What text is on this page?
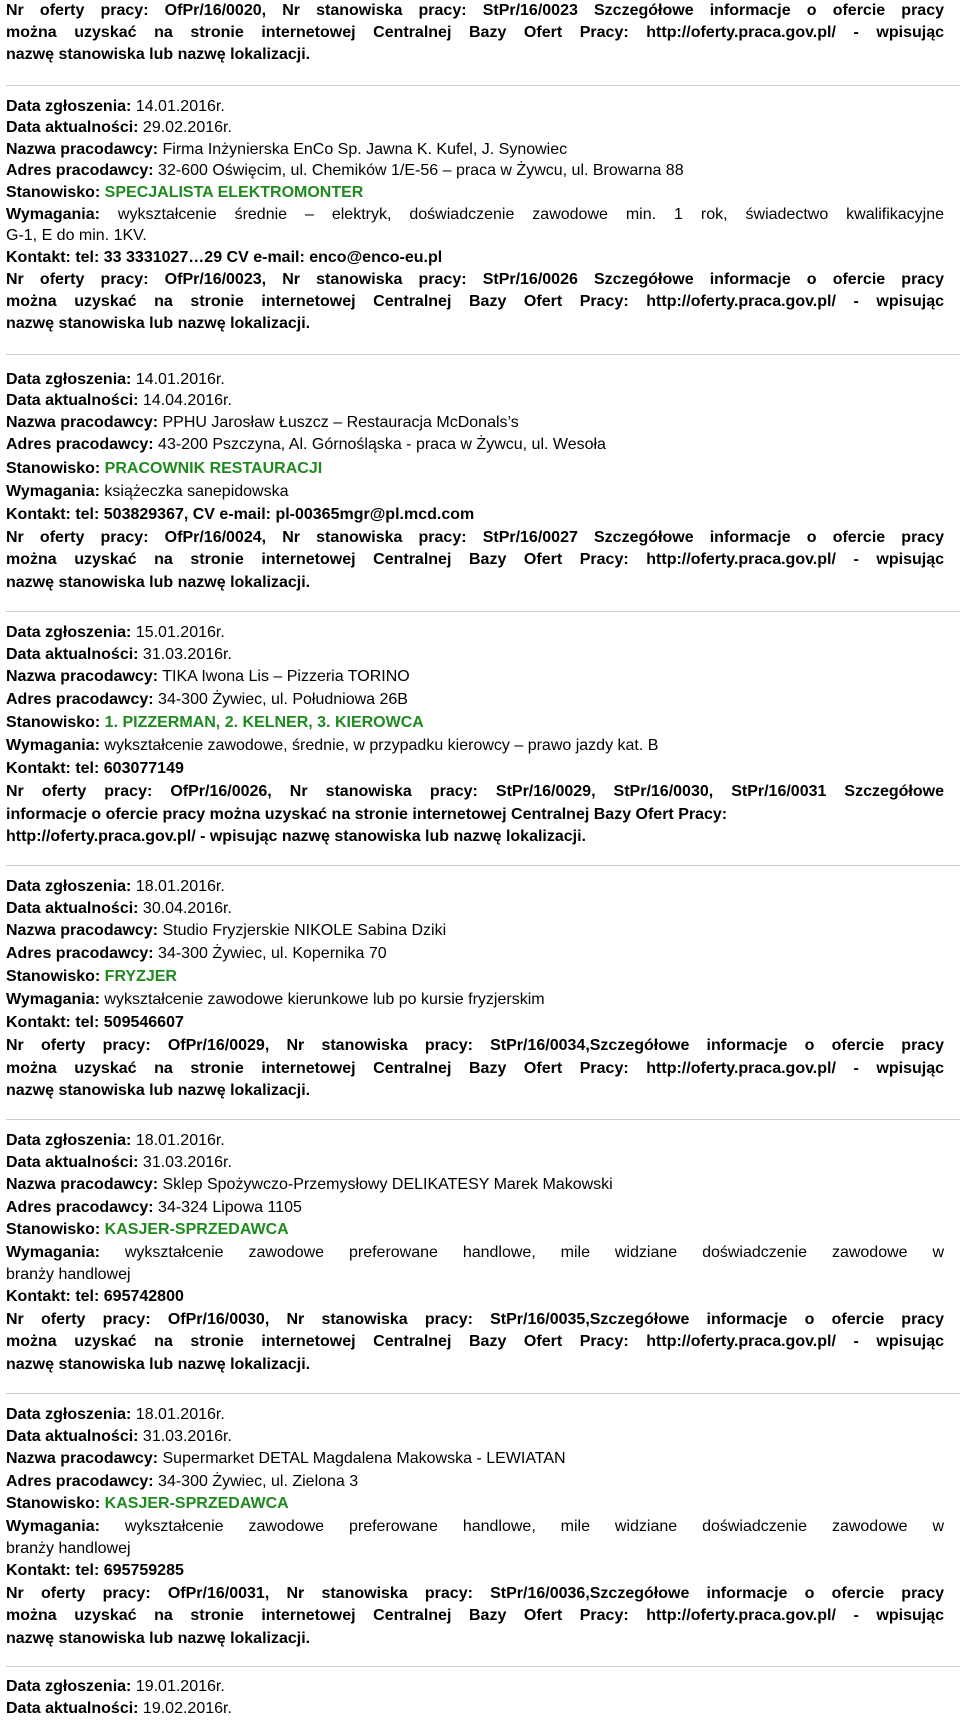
Nr oferty pracy: OfPr/16/0020, Nr stanowiska pracy: StPr/16/0023 Szczegółowe informacje o ofercie pracy
można uzyskać na stronie internetowej Centralnej Bazy Ofert Pracy: http://oferty.praca.gov.pl/ - wpisując
nazwę stanowiska lub nazwę lokalizacji.
Data zgłoszenia: 14.01.2016r.
Data aktualności: 29.02.2016r.
Nazwa pracodawcy: Firma Inżynierska EnCo Sp. Jawna K. Kufel, J. Synowiec
Adres pracodawcy: 32-600 Oświęcim, ul. Chemików 1/E-56 – praca w Żywcu, ul. Browarna 88
Stanowisko: SPECJALISTA ELEKTROMONTER
Wymagania: wykształcenie średnie – elektryk, doświadczenie zawodowe min. 1 rok, świadectwo kwalifikacyjne
G-1, E do min. 1KV.
Kontakt: tel: 33 3331027…29 CV e-mail: enco@enco-eu.pl
Nr oferty pracy: OfPr/16/0023, Nr stanowiska pracy: StPr/16/0026 Szczegółowe informacje o ofercie pracy
można uzyskać na stronie internetowej Centralnej Bazy Ofert Pracy: http://oferty.praca.gov.pl/ - wpisując
nazwę stanowiska lub nazwę lokalizacji.
Data zgłoszenia: 14.01.2016r.
Data aktualności: 14.04.2016r.
Nazwa pracodawcy: PPHU Jarosław Łuszcz – Restauracja McDonals’s
Adres pracodawcy: 43-200 Pszczyna, Al. Górnośląska - praca w Żywcu, ul. Wesoła
Stanowisko: PRACOWNIK RESTAURACJI
Wymagania: książeczka sanepidowska
Kontakt: tel: 503829367, CV e-mail: pl-00365mgr@pl.mcd.com
Nr oferty pracy: OfPr/16/0024, Nr stanowiska pracy: StPr/16/0027 Szczegółowe informacje o ofercie pracy
można uzyskać na stronie internetowej Centralnej Bazy Ofert Pracy: http://oferty.praca.gov.pl/ - wpisując
nazwę stanowiska lub nazwę lokalizacji.
Data zgłoszenia: 15.01.2016r.
Data aktualności: 31.03.2016r.
Nazwa pracodawcy: TIKA Iwona Lis – Pizzeria TORINO
Adres pracodawcy: 34-300 Żywiec, ul. Południowa 26B
Stanowisko: 1. PIZZERMAN, 2. KELNER, 3. KIEROWCA
Wymagania: wykształcenie zawodowe, średnie, w przypadku kierowcy – prawo jazdy kat. B
Kontakt: tel: 603077149
Nr oferty pracy: OfPr/16/0026, Nr stanowiska pracy: StPr/16/0029, StPr/16/0030, StPr/16/0031 Szczegółowe
informacje o ofercie pracy można uzyskać na stronie internetowej Centralnej Bazy Ofert Pracy:
http://oferty.praca.gov.pl/ - wpisując nazwę stanowiska lub nazwę lokalizacji.
Data zgłoszenia: 18.01.2016r.
Data aktualności: 30.04.2016r.
Nazwa pracodawcy: Studio Fryzjerskie NIKOLE Sabina Dziki
Adres pracodawcy: 34-300 Żywiec, ul. Kopernika 70
Stanowisko: FRYZJER
Wymagania: wykształcenie zawodowe kierunkowe lub po kursie fryzjerskim
Kontakt: tel: 509546607
Nr oferty pracy: OfPr/16/0029, Nr stanowiska pracy: StPr/16/0034,Szczegółowe informacje o ofercie pracy
można uzyskać na stronie internetowej Centralnej Bazy Ofert Pracy: http://oferty.praca.gov.pl/ - wpisując
nazwę stanowiska lub nazwę lokalizacji.
Data zgłoszenia: 18.01.2016r.
Data aktualności: 31.03.2016r.
Nazwa pracodawcy: Sklep Spożywczo-Przemysłowy DELIKATESY Marek Makowski
Adres pracodawcy: 34-324 Lipowa 1105
Stanowisko: KASJER-SPRZEDAWCA
Wymagania: wykształcenie zawodowe preferowane handlowe, mile widziane doświadczenie zawodowe w
branży handlowej
Kontakt: tel: 695742800
Nr oferty pracy: OfPr/16/0030, Nr stanowiska pracy: StPr/16/0035,Szczegółowe informacje o ofercie pracy
można uzyskać na stronie internetowej Centralnej Bazy Ofert Pracy: http://oferty.praca.gov.pl/ - wpisując
nazwę stanowiska lub nazwę lokalizacji.
Data zgłoszenia: 18.01.2016r.
Data aktualności: 31.03.2016r.
Nazwa pracodawcy: Supermarket DETAL Magdalena Makowska - LEWIATAN
Adres pracodawcy: 34-300 Żywiec, ul. Zielona 3
Stanowisko: KASJER-SPRZEDAWCA
Wymagania: wykształcenie zawodowe preferowane handlowe, mile widziane doświadczenie zawodowe w
branży handlowej
Kontakt: tel: 695759285
Nr oferty pracy: OfPr/16/0031, Nr stanowiska pracy: StPr/16/0036,Szczegółowe informacje o ofercie pracy
można uzyskać na stronie internetowej Centralnej Bazy Ofert Pracy: http://oferty.praca.gov.pl/ - wpisując
nazwę stanowiska lub nazwę lokalizacji.
Data zgłoszenia: 19.01.2016r.
Data aktualności: 19.02.2016r.
